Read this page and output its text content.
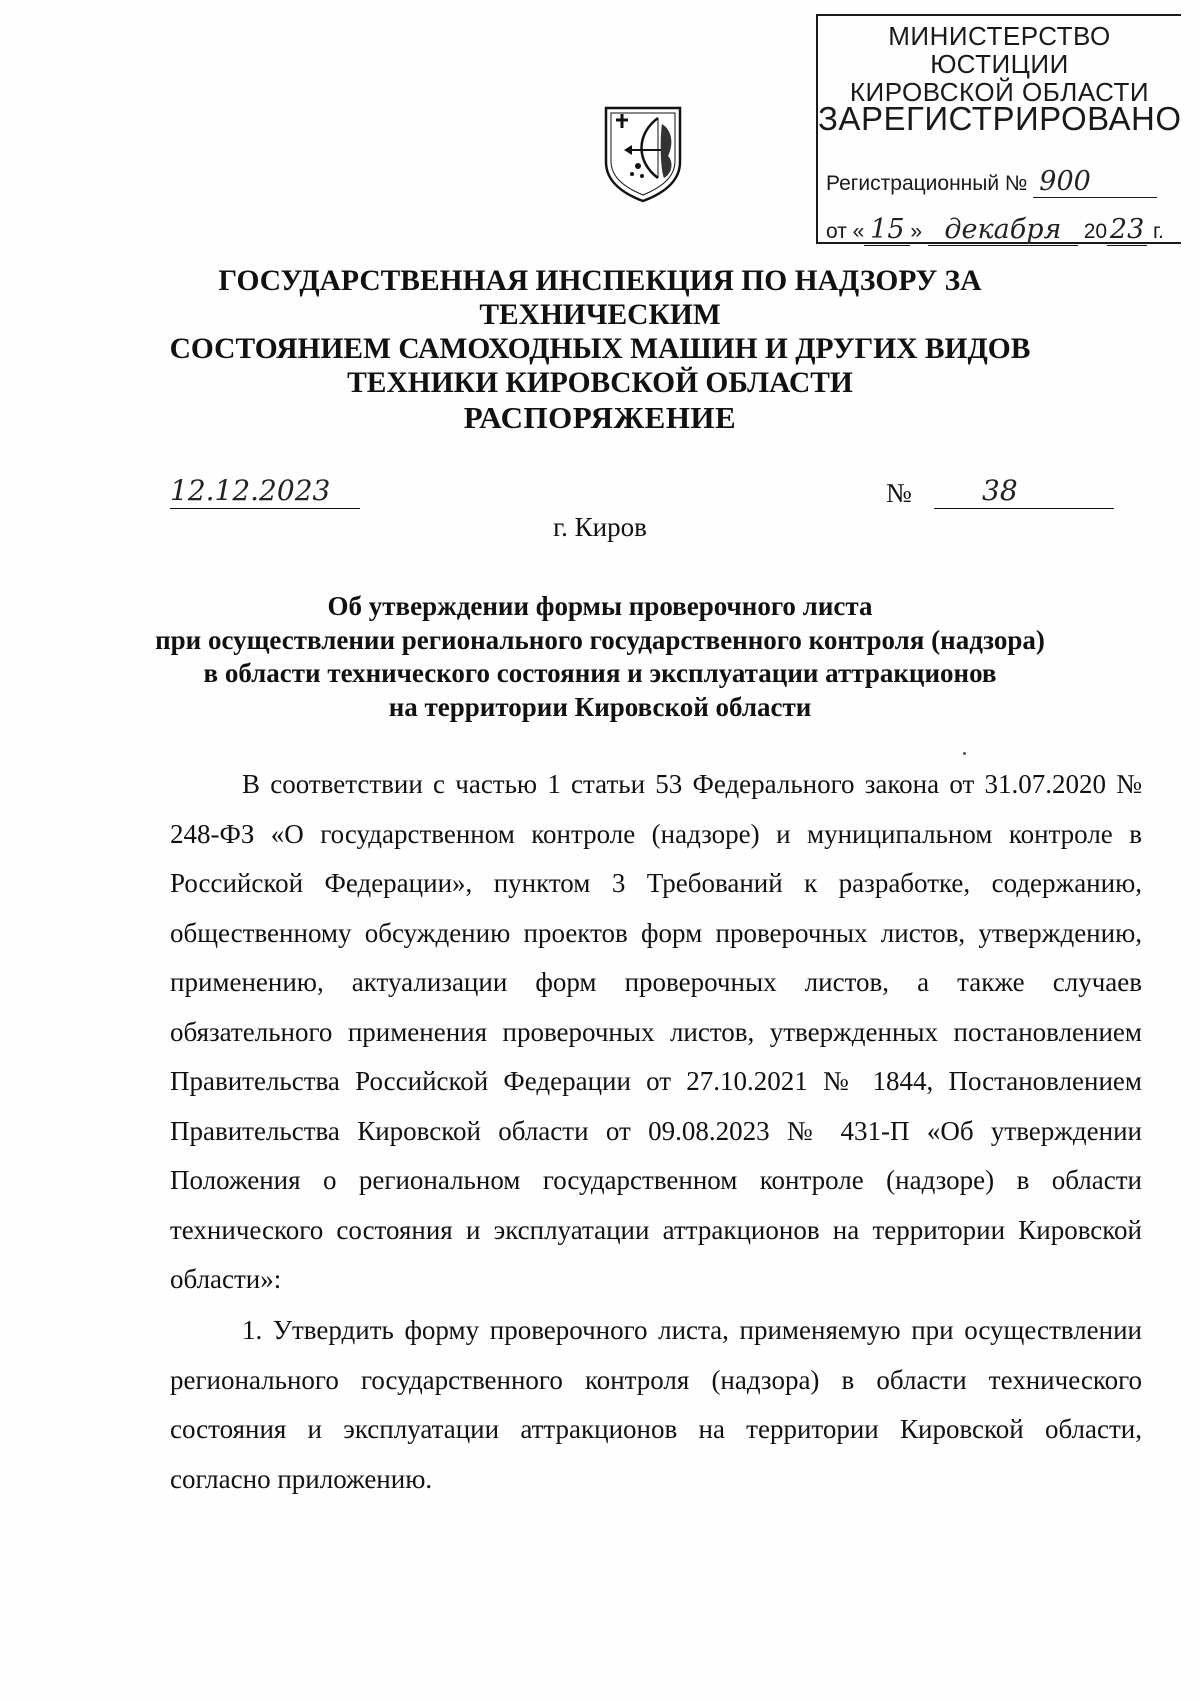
МИНИСТЕРСТВО ЮСТИЦИИ
КИРОВСКОЙ ОБЛАСТИ
ЗАРЕГИСТРИРОВАНО
Регистрационный № 900
от « 15 » декабря 20 23 г.
ГОСУДАРСТВЕННАЯ ИНСПЕКЦИЯ ПО НАДЗОРУ ЗА ТЕХНИЧЕСКИМ
СОСТОЯНИЕМ САМОХОДНЫХ МАШИН И ДРУГИХ ВИДОВ
ТЕХНИКИ КИРОВСКОЙ ОБЛАСТИ
РАСПОРЯЖЕНИЕ
12.12.2023	№	38
г. Киров
Об утверждении формы проверочного листа
при осуществлении регионального государственного контроля (надзора)
в области технического состояния и эксплуатации аттракционов
на территории Кировской области

В соответствии с частью 1 статьи 53 Федерального закона от 31.07.2020 № 248-ФЗ «О государственном контроле (надзоре) и муниципальном контроле в Российской Федерации», пунктом 3 Требований к разработке, содержанию, общественному обсуждению проектов форм проверочных листов, утверждению, применению, актуализации форм проверочных листов, а также случаев обязательного применения проверочных листов, утвержденных постановлением Правительства Российской Федерации от 27.10.2021 № 1844, Постановлением Правительства Кировской области от 09.08.2023 № 431-П «Об утверждении Положения о региональном государственном контроле (надзоре) в области технического состояния и эксплуатации аттракционов на территории Кировской области»:

1. Утвердить форму проверочного листа, применяемую при осуществлении регионального государственного контроля (надзора) в области технического состояния и эксплуатации аттракционов на территории Кировской области, согласно приложению.
